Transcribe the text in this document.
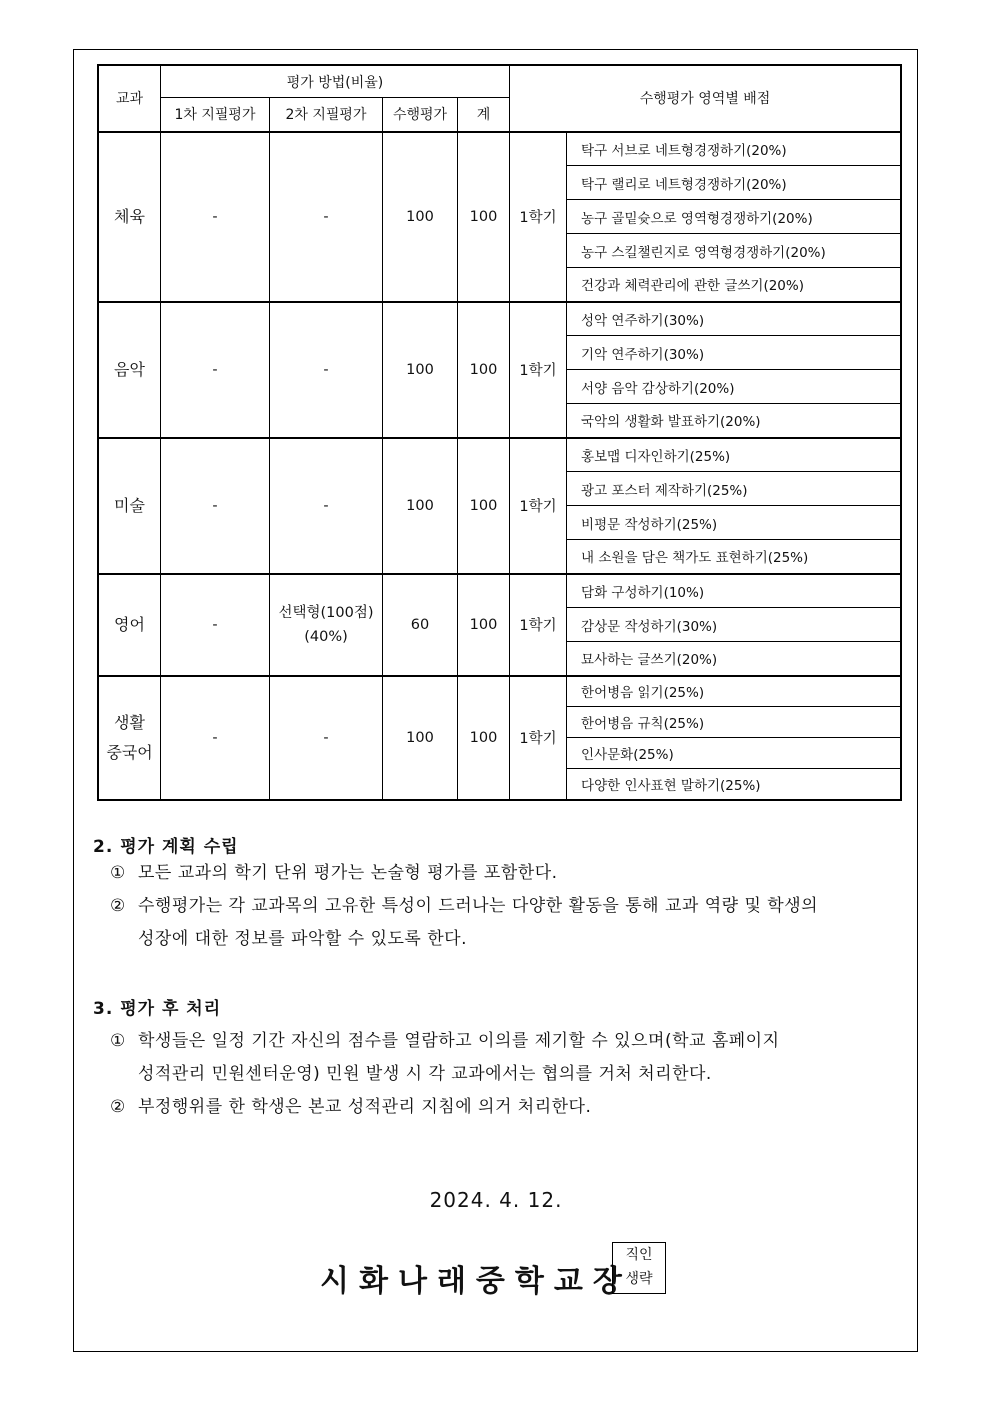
교과	평가 방법(비율)				수행평가 영역별 배점	
	1차 지필평가	2차 지필평가	수행평가	계		

체육	-	-	100	100	1학기	탁구 서브로 네트형경쟁하기(20%)
						탁구 랠리로 네트형경쟁하기(20%)
						농구 골밑슛으로 영역형경쟁하기(20%)
						농구 스킬챌린지로 영역형경쟁하기(20%)
						건강과 체력관리에 관한 글쓰기(20%)

음악	-	-	100	100	1학기	성악 연주하기(30%)
						기악 연주하기(30%)
						서양 음악 감상하기(20%)
						국악의 생활화 발표하기(20%)

미술	-	-	100	100	1학기	홍보맵 디자인하기(25%)
						광고 포스터 제작하기(25%)
						비평문 작성하기(25%)
						내 소원을 담은 책가도 표현하기(25%)

영어	-	선택형(100점)
(40%)	60	100	1학기	담화 구성하기(10%)
						감상문 작성하기(30%)
						묘사하는 글쓰기(20%)

생활
중국어	-	-	100	100	1학기	한어병음 읽기(25%)
						한어병음 규칙(25%)
						인사문화(25%)
						다양한 인사표현 말하기(25%)
2. 평가 계획 수립
① 모든 교과의 학기 단위 평가는 논술형 평가를 포함한다.
② 수행평가는 각 교과목의 고유한 특성이 드러나는 다양한 활동을 통해 교과 역량 및 학생의
성장에 대한 정보를 파악할 수 있도록 한다.
3. 평가 후 처리
① 학생들은 일정 기간 자신의 점수를 열람하고 이의를 제기할 수 있으며(학교 홈페이지
성적관리 민원센터운영) 민원 발생 시 각 교과에서는 협의를 거처 처리한다.
② 부정행위를 한 학생은 본교 성적관리 지침에 의거 처리한다.
2024. 4. 12.
시화나래중학교장
직인
생략
